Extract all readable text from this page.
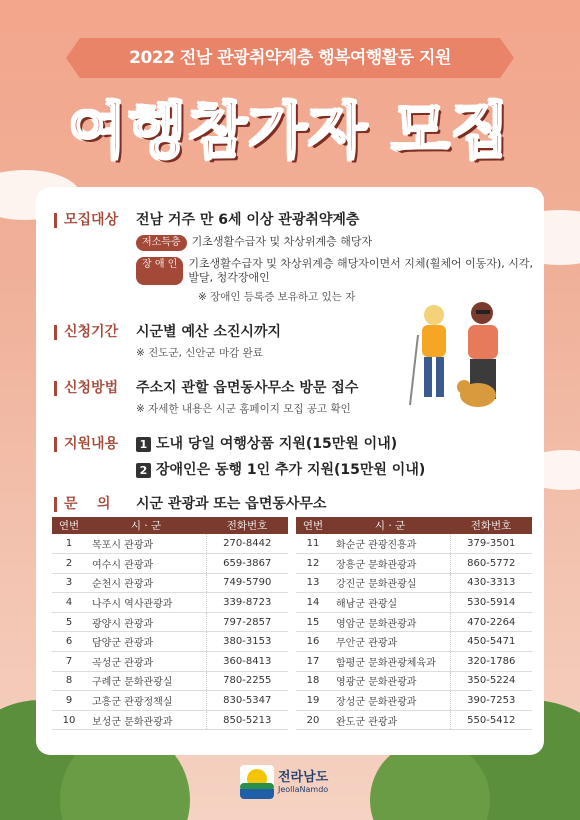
2022 전남 관광취약계층 행복여행활동 지원
여행참가자 모집
모집대상	전남 거주 만 6세 이상 관광취약계층
저소득층	기초생활수급자 및 차상위계층 해당자
장 애 인	기초생활수급자 및 차상위계층 해당자이면서 지체(휠체어 이동자), 시각, 발달, 청각장애인
※ 장애인 등록증 보유하고 있는 자
신청기간	시군별 예산 소진시까지
※ 진도군, 신안군 마감 완료
신청방법	주소지 관할 읍면동사무소 방문 접수
※ 자세한 내용은 시군 홈페이지 모집 공고 확인
지원내용	1 도내 당일 여행상품 지원(15만원 이내)
2 장애인은 동행 1인 추가 지원(15만원 이내)
문    의	시군 관광과 또는 읍면동사무소
연번	시 · 군	전화번호
1	목포시 관광과	270-8442
2	여수시 관광과	659-3867
3	순천시 관광과	749-5790
4	나주시 역사관광과	339-8723
5	광양시 관광과	797-2857
6	담양군 관광과	380-3153
7	곡성군 관광과	360-8413
8	구례군 문화관광실	780-2255
9	고흥군 관광정책실	830-5347
10	보성군 문화관광과	850-5213
연번	시 · 군	전화번호
11	화순군 관광진흥과	379-3501
12	장흥군 문화관광과	860-5772
13	강진군 문화관광실	430-3313
14	해남군 관광실	530-5914
15	영암군 문화관광과	470-2264
16	무안군 관광과	450-5471
17	함평군 문화관광체육과	320-1786
18	영광군 문화관광과	350-5224
19	장성군 문화관광과	390-7253
20	완도군 관광과	550-5412
전라남도
JeollaNamdo
